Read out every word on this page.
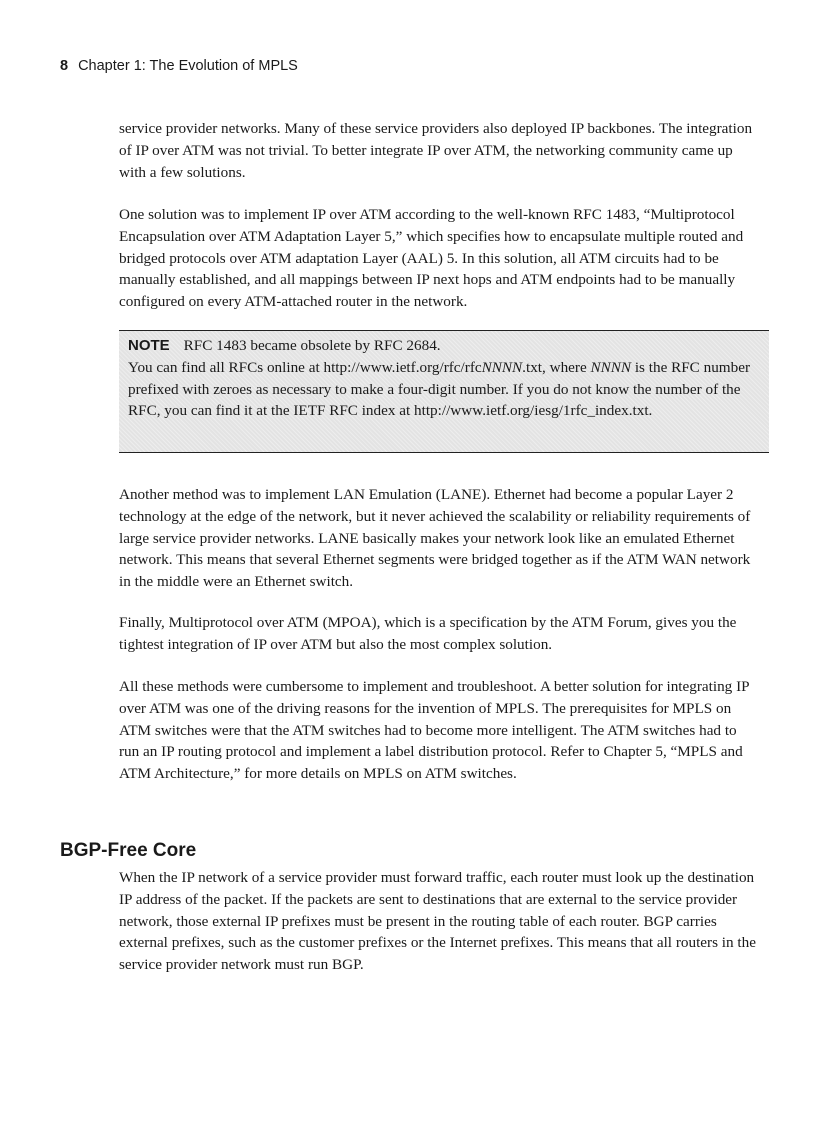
8 Chapter 1: The Evolution of MPLS

service provider networks. Many of these service providers also deployed IP backbones. The integration of IP over ATM was not trivial. To better integrate IP over ATM, the networking community came up with a few solutions.

One solution was to implement IP over ATM according to the well-known RFC 1483, “Multiprotocol Encapsulation over ATM Adaptation Layer 5,” which specifies how to encapsulate multiple routed and bridged protocols over ATM adaptation Layer (AAL) 5. In this solution, all ATM circuits had to be manually established, and all mappings between IP next hops and ATM endpoints had to be manually configured on every ATM-attached router in the network.

NOTE RFC 1483 became obsolete by RFC 2684.

You can find all RFCs online at http://www.ietf.org/rfc/rfcNNNN.txt, where NNNN is the RFC number prefixed with zeroes as necessary to make a four-digit number. If you do not know the number of the RFC, you can find it at the IETF RFC index at http://www.ietf.org/iesg/1rfc_index.txt.

Another method was to implement LAN Emulation (LANE). Ethernet had become a popular Layer 2 technology at the edge of the network, but it never achieved the scalability or reliability requirements of large service provider networks. LANE basically makes your network look like an emulated Ethernet network. This means that several Ethernet segments were bridged together as if the ATM WAN network in the middle were an Ethernet switch.

Finally, Multiprotocol over ATM (MPOA), which is a specification by the ATM Forum, gives you the tightest integration of IP over ATM but also the most complex solution.

All these methods were cumbersome to implement and troubleshoot. A better solution for integrating IP over ATM was one of the driving reasons for the invention of MPLS. The prerequisites for MPLS on ATM switches were that the ATM switches had to become more intelligent. The ATM switches had to run an IP routing protocol and implement a label distribution protocol. Refer to Chapter 5, “MPLS and ATM Architecture,” for more details on MPLS on ATM switches.

BGP-Free Core

When the IP network of a service provider must forward traffic, each router must look up the destination IP address of the packet. If the packets are sent to destinations that are external to the service provider network, those external IP prefixes must be present in the routing table of each router. BGP carries external prefixes, such as the customer prefixes or the Internet prefixes. This means that all routers in the service provider network must run BGP.
